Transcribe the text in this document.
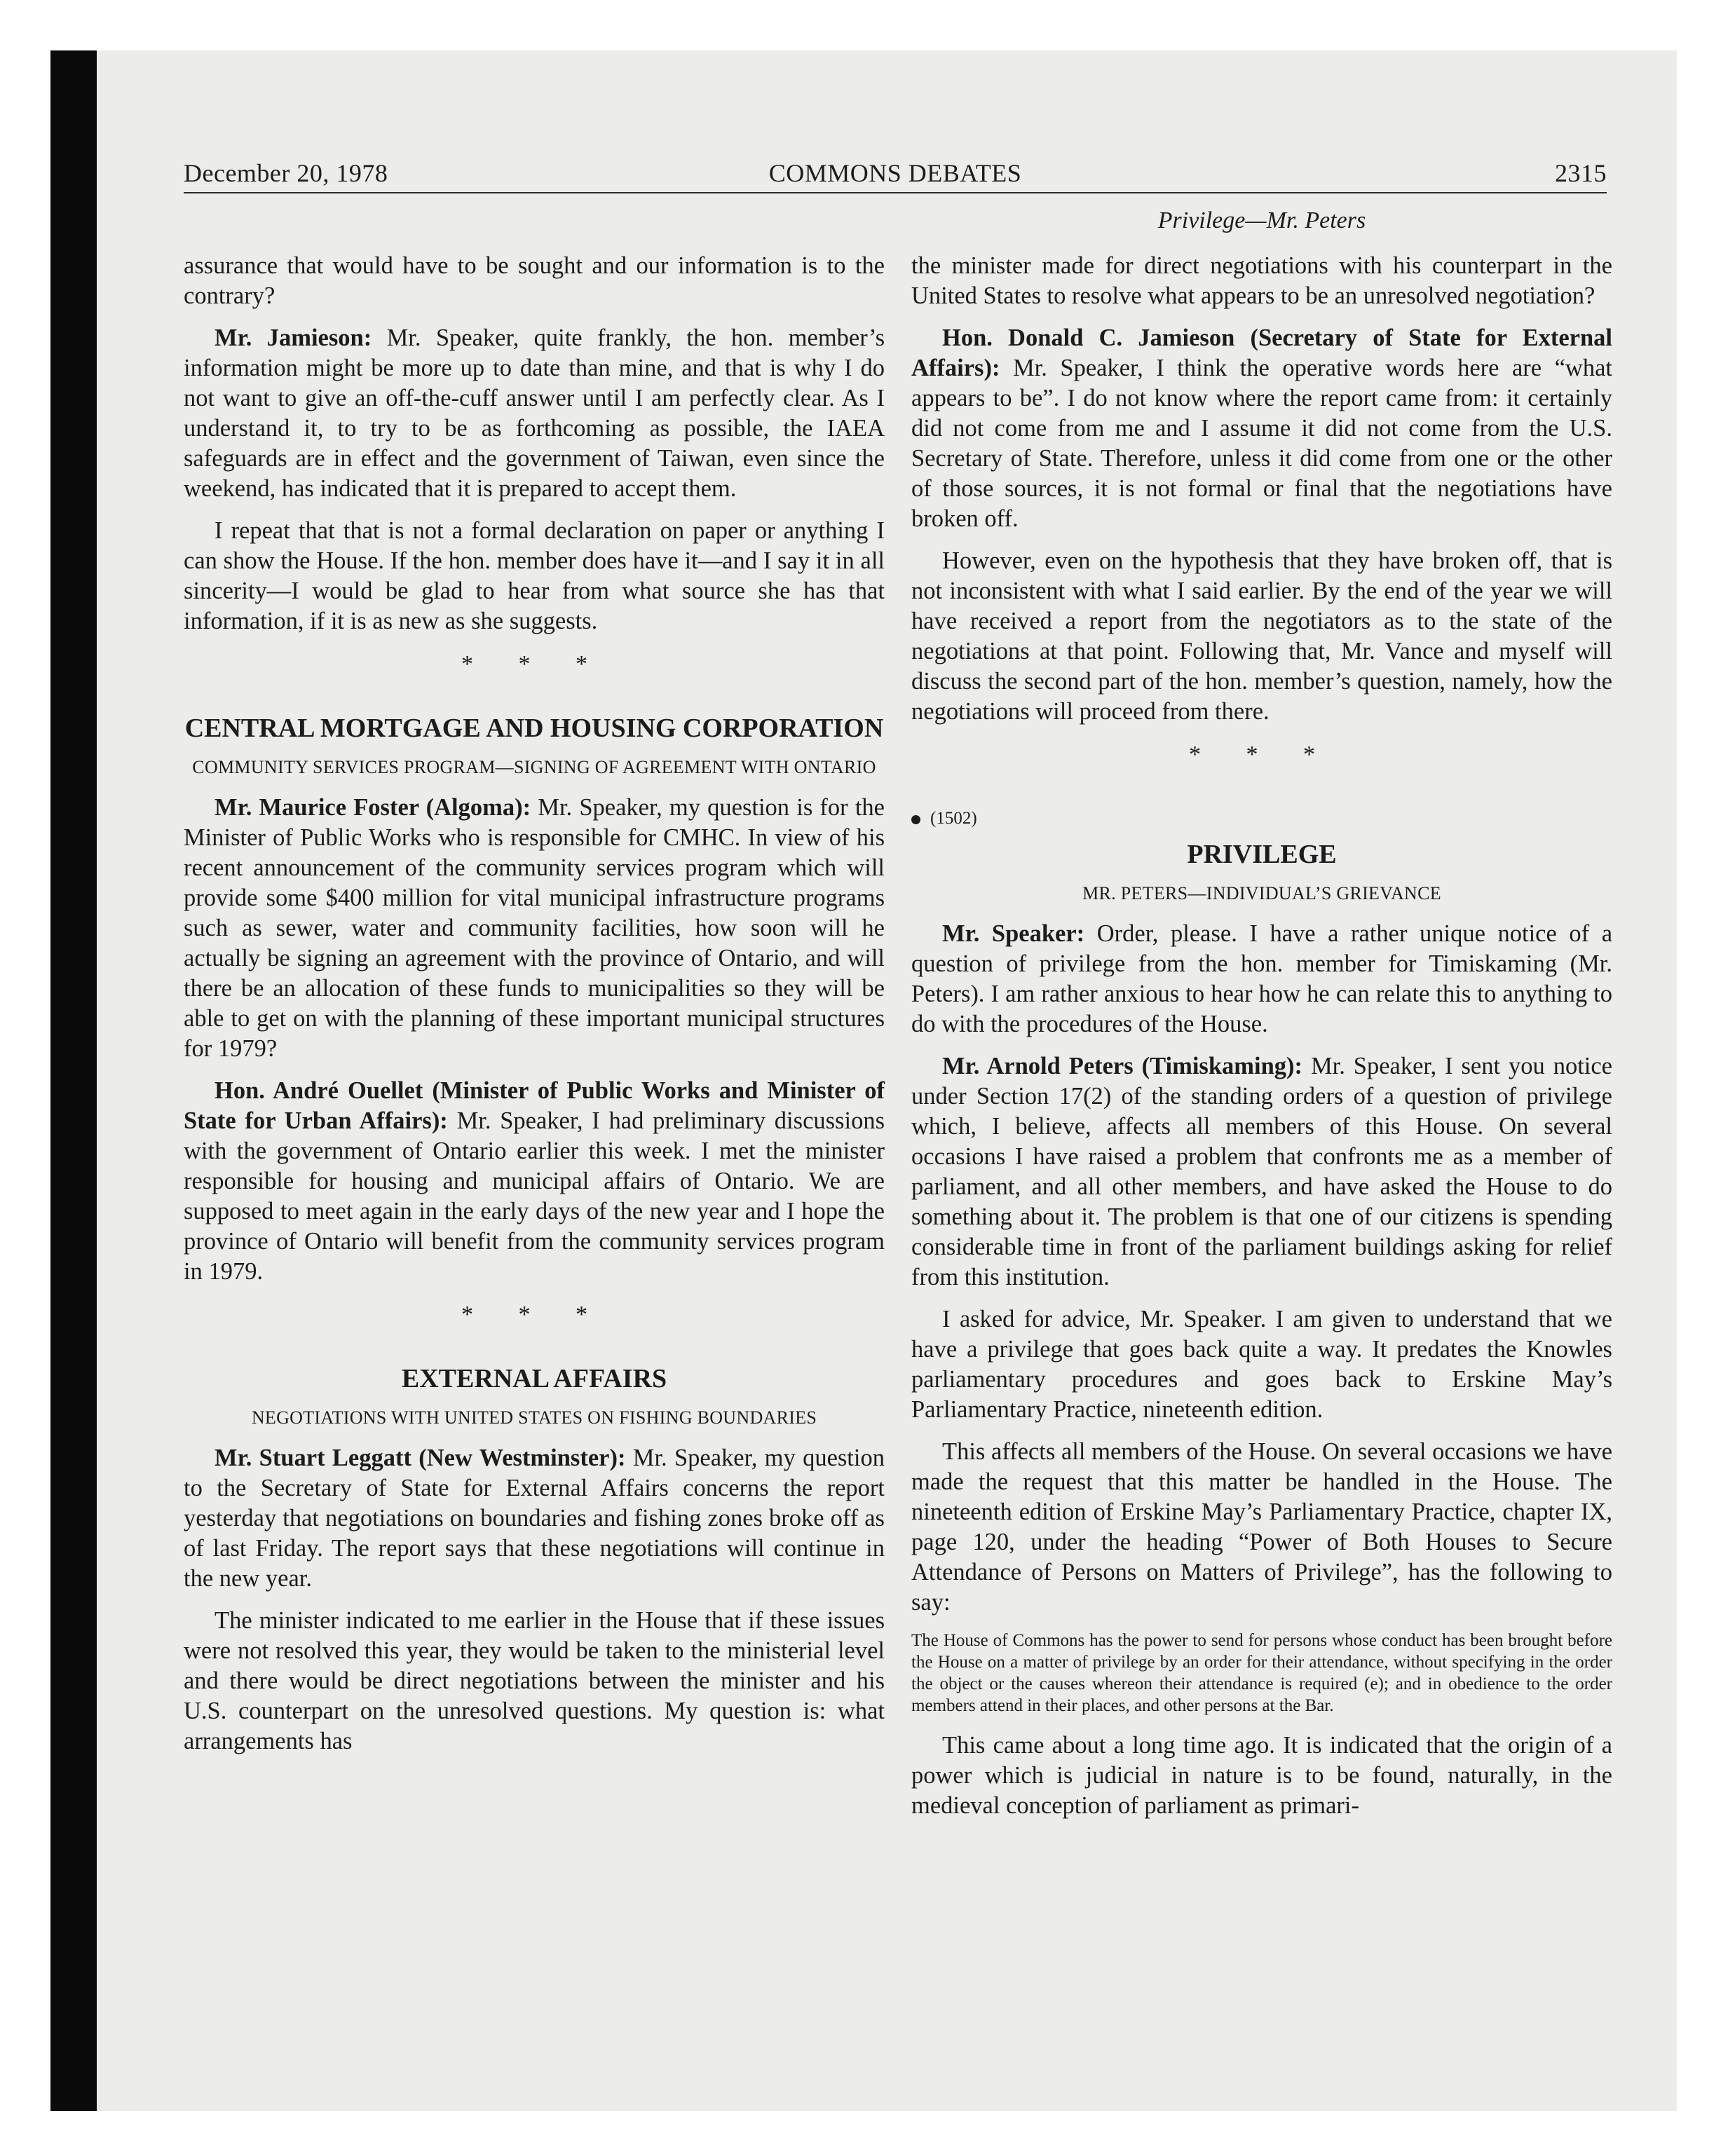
December 20, 1978	COMMONS DEBATES	2315
Privilege—Mr. Peters

assurance that would have to be sought and our information is to the contrary?

Mr. Jamieson: Mr. Speaker, quite frankly, the hon. member’s information might be more up to date than mine, and that is why I do not want to give an off-the-cuff answer until I am perfectly clear. As I understand it, to try to be as forthcoming as possible, the IAEA safeguards are in effect and the government of Taiwan, even since the weekend, has indicated that it is prepared to accept them.

I repeat that that is not a formal declaration on paper or anything I can show the House. If the hon. member does have it—and I say it in all sincerity—I would be glad to hear from what source she has that information, if it is as new as she suggests.

* * *
CENTRAL MORTGAGE AND HOUSING CORPORATION
COMMUNITY SERVICES PROGRAM—SIGNING OF AGREEMENT WITH ONTARIO

Mr. Maurice Foster (Algoma): Mr. Speaker, my question is for the Minister of Public Works who is responsible for CMHC. In view of his recent announcement of the community services program which will provide some $400 million for vital municipal infrastructure programs such as sewer, water and community facilities, how soon will he actually be signing an agreement with the province of Ontario, and will there be an allocation of these funds to municipalities so they will be able to get on with the planning of these important municipal structures for 1979?

Hon. André Ouellet (Minister of Public Works and Minister of State for Urban Affairs): Mr. Speaker, I had preliminary discussions with the government of Ontario earlier this week. I met the minister responsible for housing and municipal affairs of Ontario. We are supposed to meet again in the early days of the new year and I hope the province of Ontario will benefit from the community services program in 1979.

* * *
EXTERNAL AFFAIRS
NEGOTIATIONS WITH UNITED STATES ON FISHING BOUNDARIES

Mr. Stuart Leggatt (New Westminster): Mr. Speaker, my question to the Secretary of State for External Affairs concerns the report yesterday that negotiations on boundaries and fishing zones broke off as of last Friday. The report says that these negotiations will continue in the new year.

The minister indicated to me earlier in the House that if these issues were not resolved this year, they would be taken to the ministerial level and there would be direct negotiations between the minister and his U.S. counterpart on the unresolved questions. My question is: what arrangements has

the minister made for direct negotiations with his counterpart in the United States to resolve what appears to be an unresolved negotiation?

Hon. Donald C. Jamieson (Secretary of State for External Affairs): Mr. Speaker, I think the operative words here are “what appears to be”. I do not know where the report came from: it certainly did not come from me and I assume it did not come from the U.S. Secretary of State. Therefore, unless it did come from one or the other of those sources, it is not formal or final that the negotiations have broken off.

However, even on the hypothesis that they have broken off, that is not inconsistent with what I said earlier. By the end of the year we will have received a report from the negotiators as to the state of the negotiations at that point. Following that, Mr. Vance and myself will discuss the second part of the hon. member’s question, namely, how the negotiations will proceed from there.

* * *
(1502)
PRIVILEGE
MR. PETERS—INDIVIDUAL’S GRIEVANCE

Mr. Speaker: Order, please. I have a rather unique notice of a question of privilege from the hon. member for Timiskaming (Mr. Peters). I am rather anxious to hear how he can relate this to anything to do with the procedures of the House.

Mr. Arnold Peters (Timiskaming): Mr. Speaker, I sent you notice under Section 17(2) of the standing orders of a question of privilege which, I believe, affects all members of this House. On several occasions I have raised a problem that confronts me as a member of parliament, and all other members, and have asked the House to do something about it. The problem is that one of our citizens is spending considerable time in front of the parliament buildings asking for relief from this institution.

I asked for advice, Mr. Speaker. I am given to understand that we have a privilege that goes back quite a way. It predates the Knowles parliamentary procedures and goes back to Erskine May’s Parliamentary Practice, nineteenth edition.

This affects all members of the House. On several occasions we have made the request that this matter be handled in the House. The nineteenth edition of Erskine May’s Parliamentary Practice, chapter IX, page 120, under the heading “Power of Both Houses to Secure Attendance of Persons on Matters of Privilege”, has the following to say:

The House of Commons has the power to send for persons whose conduct has been brought before the House on a matter of privilege by an order for their attendance, without specifying in the order the object or the causes whereon their attendance is required (e); and in obedience to the order members attend in their places, and other persons at the Bar.

This came about a long time ago. It is indicated that the origin of a power which is judicial in nature is to be found, naturally, in the medieval conception of parliament as primari-
